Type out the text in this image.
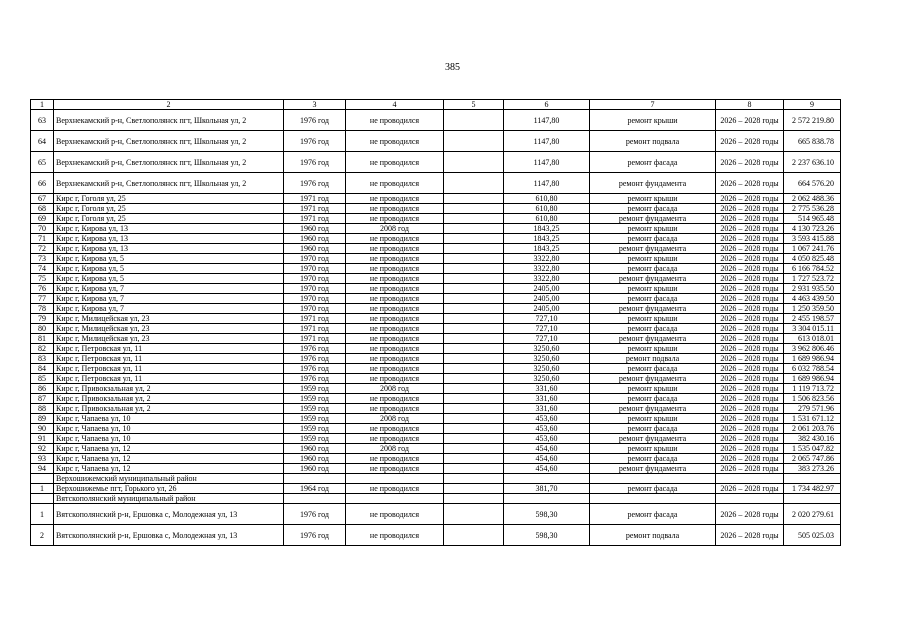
385
1	2	3	4	5	6	7	8	9
63	Верхнекамский р-н, Светлополянск пгт, Школьная ул, 2	1976 год	не проводился		1147,80	ремонт крыши	2026 – 2028 годы	2 572 219.80
64	Верхнекамский р-н, Светлополянск пгт, Школьная ул, 2	1976 год	не проводился		1147,80	ремонт подвала	2026 – 2028 годы	665 838.78
65	Верхнекамский р-н, Светлополянск пгт, Школьная ул, 2	1976 год	не проводился		1147,80	ремонт фасада	2026 – 2028 годы	2 237 636.10
66	Верхнекамский р-н, Светлополянск пгт, Школьная ул, 2	1976 год	не проводился		1147,80	ремонт фундамента	2026 – 2028 годы	664 576.20
67	Кирс г, Гоголя ул, 25	1971 год	не проводился		610,80	ремонт крыши	2026 – 2028 годы	2 062 488.36
68	Кирс г, Гоголя ул, 25	1971 год	не проводился		610,80	ремонт фасада	2026 – 2028 годы	2 775 536.28
69	Кирс г, Гоголя ул, 25	1971 год	не проводился		610,80	ремонт фундамента	2026 – 2028 годы	514 965.48
70	Кирс г, Кирова ул, 13	1960 год	2008 год		1843,25	ремонт крыши	2026 – 2028 годы	4 130 723.26
71	Кирс г, Кирова ул, 13	1960 год	не проводился		1843,25	ремонт фасада	2026 – 2028 годы	3 593 415.88
72	Кирс г, Кирова ул, 13	1960 год	не проводился		1843,25	ремонт фундамента	2026 – 2028 годы	1 067 241.76
73	Кирс г, Кирова ул, 5	1970 год	не проводился		3322,80	ремонт крыши	2026 – 2028 годы	4 050 825.48
74	Кирс г, Кирова ул, 5	1970 год	не проводился		3322,80	ремонт фасада	2026 – 2028 годы	6 166 784.52
75	Кирс г, Кирова ул, 5	1970 год	не проводился		3322,80	ремонт фундамента	2026 – 2028 годы	1 727 523.72
76	Кирс г, Кирова ул, 7	1970 год	не проводился		2405,00	ремонт крыши	2026 – 2028 годы	2 931 935.50
77	Кирс г, Кирова ул, 7	1970 год	не проводился		2405,00	ремонт фасада	2026 – 2028 годы	4 463 439.50
78	Кирс г, Кирова ул, 7	1970 год	не проводился		2405,00	ремонт фундамента	2026 – 2028 годы	1 250 359.50
79	Кирс г, Милицейская ул, 23	1971 год	не проводился		727,10	ремонт крыши	2026 – 2028 годы	2 455 198.57
80	Кирс г, Милицейская ул, 23	1971 год	не проводился		727,10	ремонт фасада	2026 – 2028 годы	3 304 015.11
81	Кирс г, Милицейская ул, 23	1971 год	не проводился		727,10	ремонт фундамента	2026 – 2028 годы	613 018.01
82	Кирс г, Петровская ул, 11	1976 год	не проводился		3250,60	ремонт крыши	2026 – 2028 годы	3 962 806.46
83	Кирс г, Петровская ул, 11	1976 год	не проводился		3250,60	ремонт подвала	2026 – 2028 годы	1 689 986.94
84	Кирс г, Петровская ул, 11	1976 год	не проводился		3250,60	ремонт фасада	2026 – 2028 годы	6 032 788.54
85	Кирс г, Петровская ул, 11	1976 год	не проводился		3250,60	ремонт фундамента	2026 – 2028 годы	1 689 986.94
86	Кирс г, Привокзальная ул, 2	1959 год	2008 год		331,60	ремонт крыши	2026 – 2028 годы	1 119 713.72
87	Кирс г, Привокзальная ул, 2	1959 год	не проводился		331,60	ремонт фасада	2026 – 2028 годы	1 506 823.56
88	Кирс г, Привокзальная ул, 2	1959 год	не проводился		331,60	ремонт фундамента	2026 – 2028 годы	279 571.96
89	Кирс г, Чапаева ул, 10	1959 год	2008 год		453,60	ремонт крыши	2026 – 2028 годы	1 531 671.12
90	Кирс г, Чапаева ул, 10	1959 год	не проводился		453,60	ремонт фасада	2026 – 2028 годы	2 061 203.76
91	Кирс г, Чапаева ул, 10	1959 год	не проводился		453,60	ремонт фундамента	2026 – 2028 годы	382 430.16
92	Кирс г, Чапаева ул, 12	1960 год	2008 год		454,60	ремонт крыши	2026 – 2028 годы	1 535 047.82
93	Кирс г, Чапаева ул, 12	1960 год	не проводился		454,60	ремонт фасада	2026 – 2028 годы	2 065 747.86
94	Кирс г, Чапаева ул, 12	1960 год	не проводился		454,60	ремонт фундамента	2026 – 2028 годы	383 273.26
	Верхошижемский муниципальный район							
1	Верхошижемье пгт, Горького ул, 26	1964 год	не проводился		381,70	ремонт фасада	2026 – 2028 годы	1 734 482.97
	Вятскополянский муниципальный район							
1	Вятскополянский р-н, Ершовка с, Молодежная ул, 13	1976 год	не проводился		598,30	ремонт фасада	2026 – 2028 годы	2 020 279.61
2	Вятскополянский р-н, Ершовка с, Молодежная ул, 13	1976 год	не проводился		598,30	ремонт подвала	2026 – 2028 годы	505 025.03
